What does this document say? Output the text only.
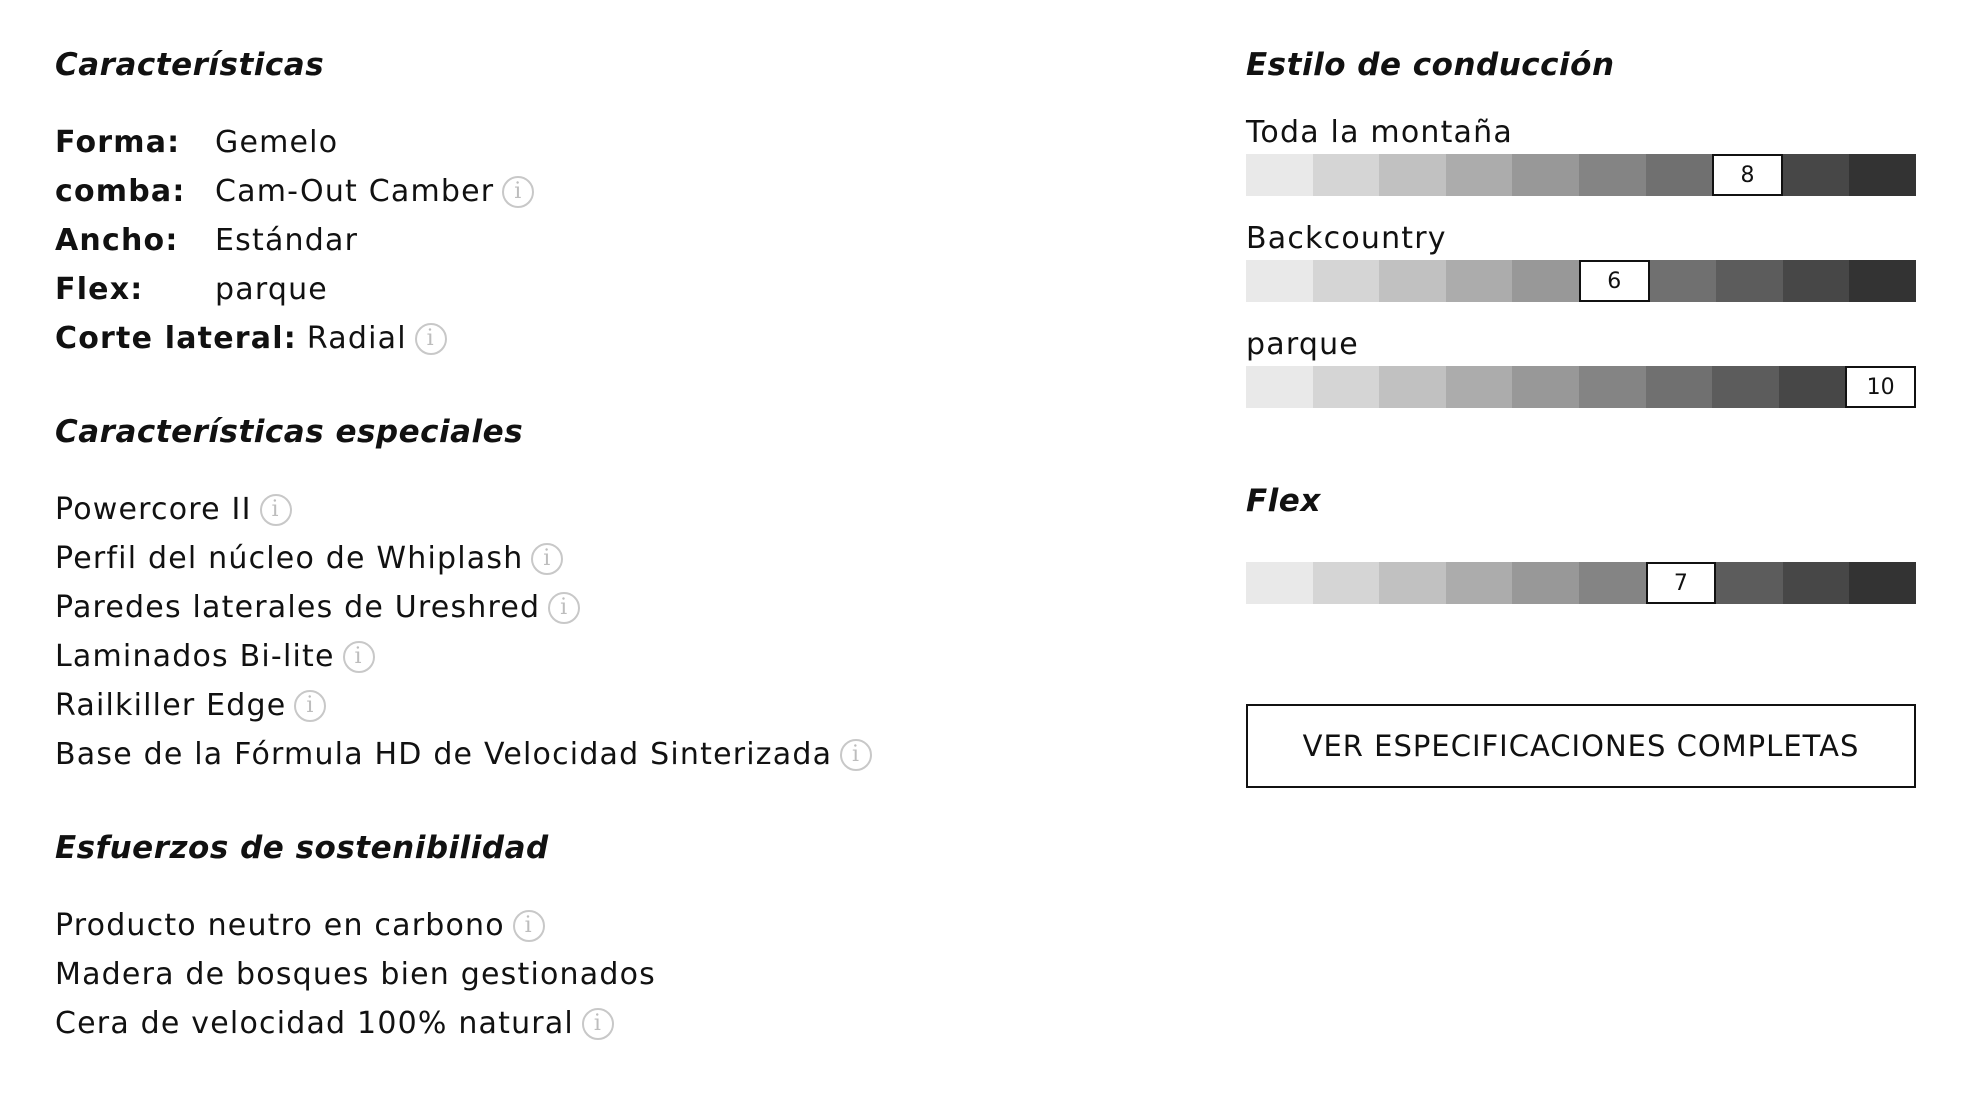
Características
Forma:	Gemelo
comba: Cam-Out Camber i
Ancho:	Estándar
Flex:	parque
Corte lateral: Radial i
Características especiales
Powercore II i
Perfil del núcleo de Whiplash i
Paredes laterales de Ureshred i
Laminados Bi-lite i
Railkiller Edge i
Base de la Fórmula HD de Velocidad Sinterizada i
Esfuerzos de sostenibilidad
Producto neutro en carbono i
Madera de bosques bien gestionados
Cera de velocidad 100% natural i
Estilo de conducción
Toda la montaña
8
Backcountry
6
parque
10
Flex
7
VER ESPECIFICACIONES COMPLETAS
